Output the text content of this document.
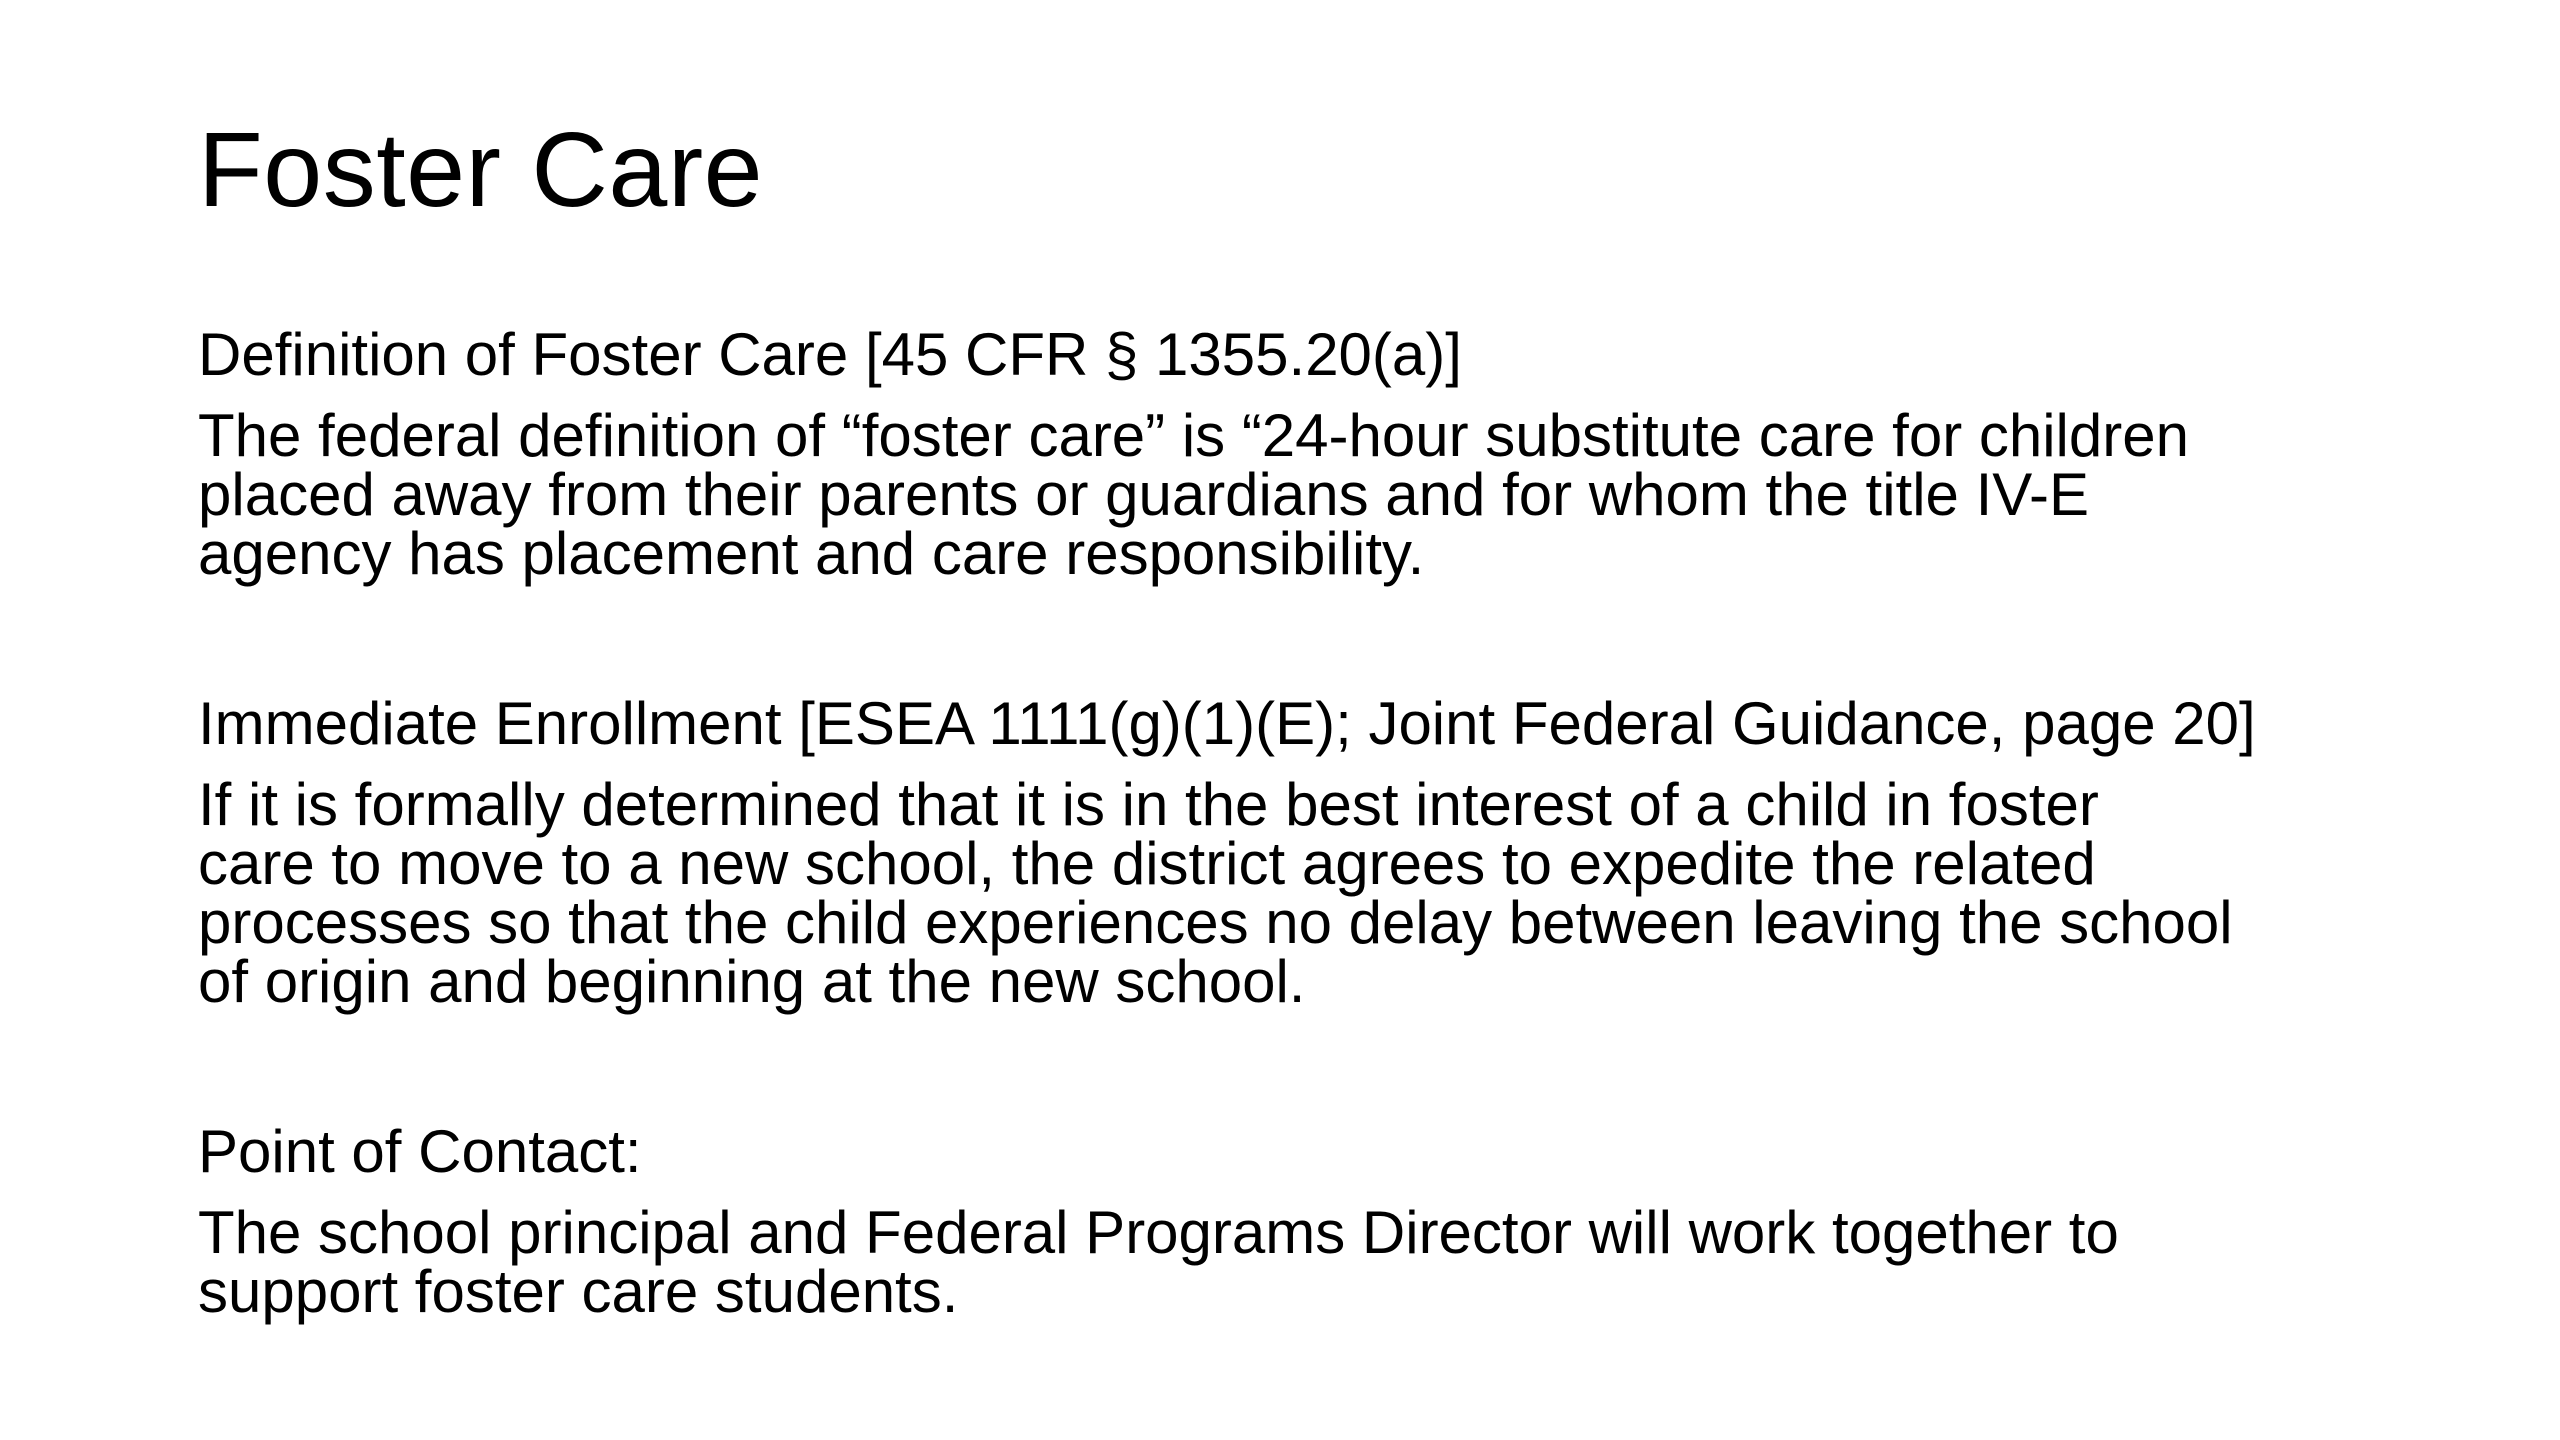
Foster Care

Definition of Foster Care [45 CFR § 1355.20(a)]

The federal definition of “foster care” is “24-hour substitute care for children
placed away from their parents or guardians and for whom the title IV-E
agency has placement and care responsibility.

Immediate Enrollment [ESEA 1111(g)(1)(E); Joint Federal Guidance, page 20]

If it is formally determined that it is in the best interest of a child in foster
care to move to a new school, the district agrees to expedite the related
processes so that the child experiences no delay between leaving the school
of origin and beginning at the new school.

Point of Contact:

The school principal and Federal Programs Director will work together to
support foster care students.
